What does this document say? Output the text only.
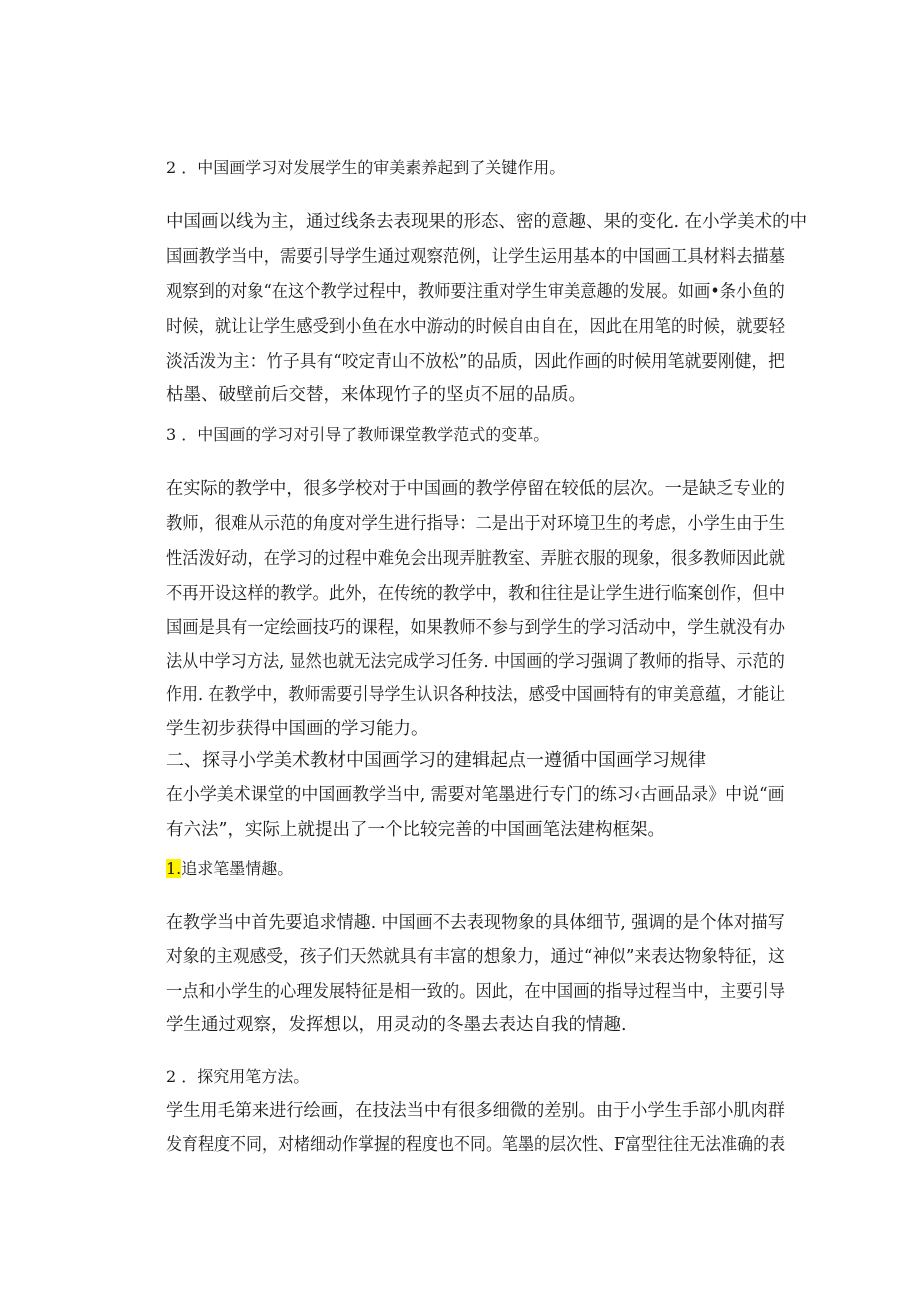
2 ．中国画学习对发展学生的审美素养起到了关键作用。
中国画以线为主，通过线条去表现果的形态、密的意趣、果的变化. 在小学美术的中
国画教学当中，需要引导学生通过观察范例，让学生运用基本的中国画工具材料去描墓
观察到的对象“在这个教学过程中，教师要注重对学生审美意趣的发展。如画•条小鱼的
时候，就让让学生感受到小鱼在水中游动的时候自由自在，因此在用笔的时候，就要轻
淡活泼为主：竹子具有“咬定青山不放松”的品质，因此作画的时候用笔就要刚健，把
枯墨、破壁前后交替，来体现竹子的坚贞不屈的品质。
3 ．中国画的学习对引导了教师课堂教学范式的变革。
在实际的教学中，很多学校对于中国画的教学停留在较低的层次。一是缺乏专业的
教师，很难从示范的角度对学生进行指导：二是出于对环境卫生的考虑，小学生由于生
性活泼好动，在学习的过程中难免会出现弄脏教室、弄脏衣服的现象，很多教师因此就
不再开设这样的教学。此外，在传统的教学中，教和往往是让学生进行临案创作，但中
国画是具有一定绘画技巧的课程，如果教师不参与到学生的学习活动中，学生就没有办
法从中学习方法, 显然也就无法完成学习任务. 中国画的学习强调了教师的指导、示范的
作用. 在教学中，教师需要引导学生认识各种技法，感受中国画特有的审美意蕴，才能让
学生初步获得中国画的学习能力。
二、探寻小学美术教材中国画学习的建辑起点一遵循中国画学习规律
在小学美术课堂的中国画教学当中, 需要对笔墨进行专门的练习‹古画品录》中说“画
有六法”，实际上就提出了一个比较完善的中国画笔法建构框架。
1.追求笔墨情趣。
在教学当中首先要追求情趣. 中国画不去表现物象的具体细节, 强调的是个体对描写
对象的主观感受，孩子们天然就具有丰富的想象力，通过“神似”来表达物象特征，这
一点和小学生的心理发展特征是相一致的。因此，在中国画的指导过程当中，主要引导
学生通过观察，发挥想以，用灵动的冬墨去表达自我的情趣.
2 ．探究用笔方法。
学生用毛第来进行绘画，在技法当中有很多细微的差别。由于小学生手部小肌肉群
发育程度不同，对楮细动作掌握的程度也不同。笔墨的层次性、F富型往往无法准确的表
